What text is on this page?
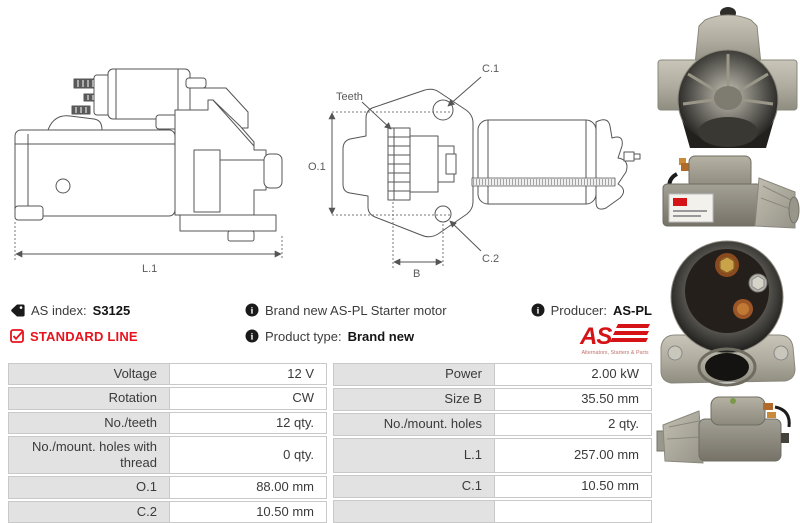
L.1
O.1
Teeth
C.1
C.2
B
AS index: S3125
STANDARD LINE
i Brand new AS-PL Starter motor
i Product type: Brand new
i Producer: AS-PL
AS
Alternators, Starters & Parts
Voltage	12 V
Rotation	CW
No./teeth	12 qty.
No./mount. holes with thread	0 qty.
O.1	88.00 mm
C.2	10.50 mm
Power	2.00 kW
Size B	35.50 mm
No./mount. holes	2 qty.
L.1	257.00 mm
C.1	10.50 mm
